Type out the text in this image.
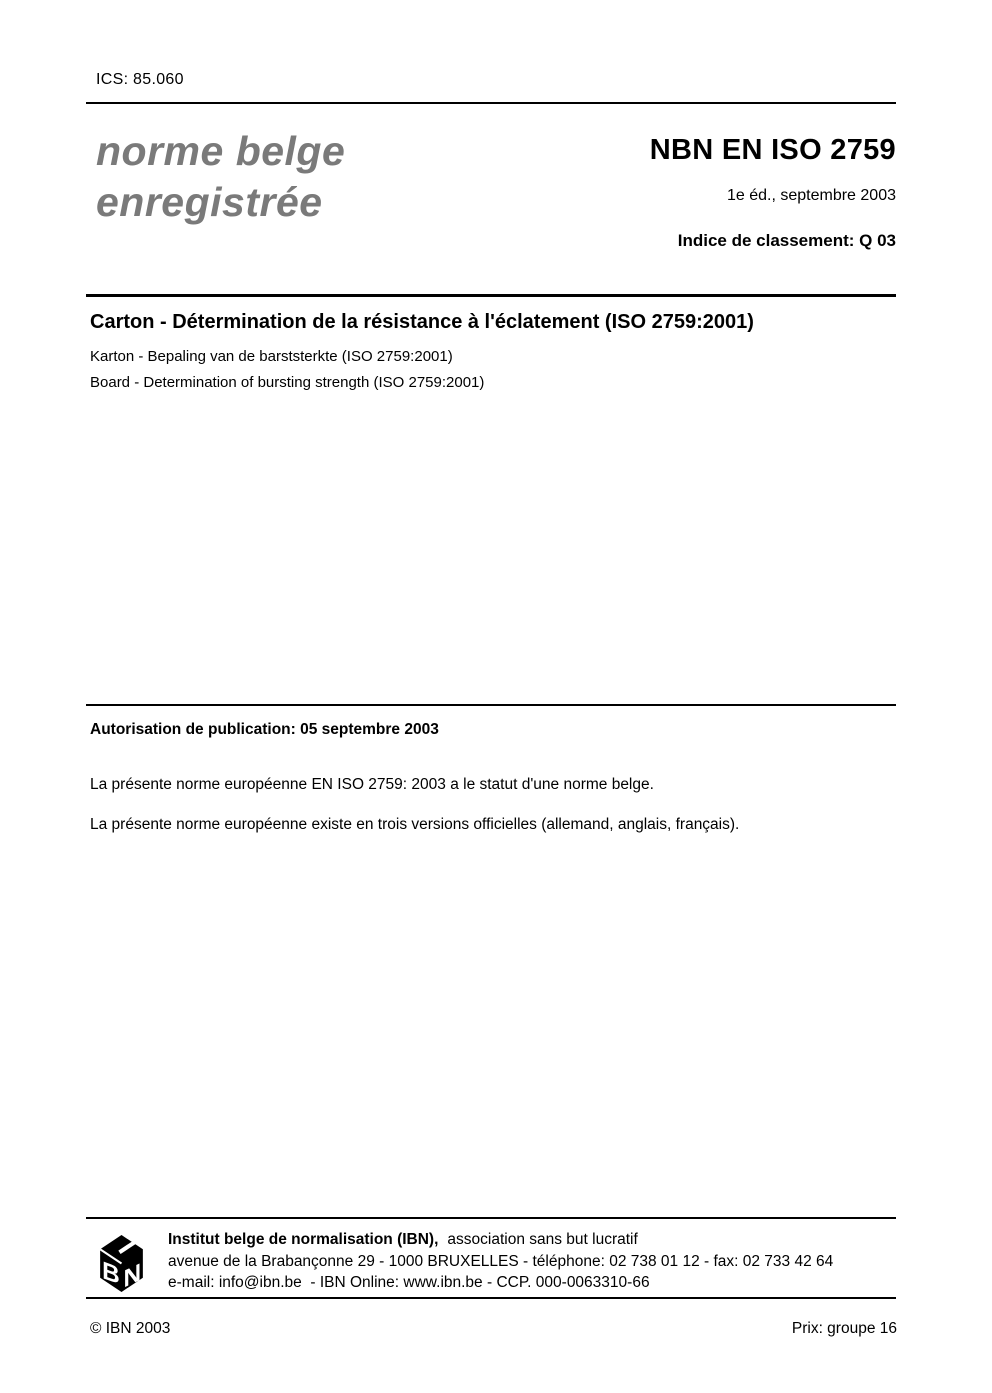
ICS: 85.060
norme belge
enregistrée
NBN EN ISO 2759
1e éd., septembre 2003
Indice de classement: Q 03
Carton - Détermination de la résistance à l'éclatement (ISO 2759:2001)
Karton - Bepaling van de barststerkte (ISO 2759:2001)
Board - Determination of bursting strength (ISO 2759:2001)
Autorisation de publication: 05 septembre 2003
La présente norme européenne EN ISO 2759: 2003 a le statut d'une norme belge.
La présente norme européenne existe en trois versions officielles (allemand, anglais, français).
B N
Institut belge de normalisation (IBN), association sans but lucratif
avenue de la Brabançonne 29 - 1000 BRUXELLES - téléphone: 02 738 01 12 - fax: 02 733 42 64
e-mail: info@ibn.be  - IBN Online: www.ibn.be - CCP. 000-0063310-66
© IBN 2003	Prix: groupe 16
